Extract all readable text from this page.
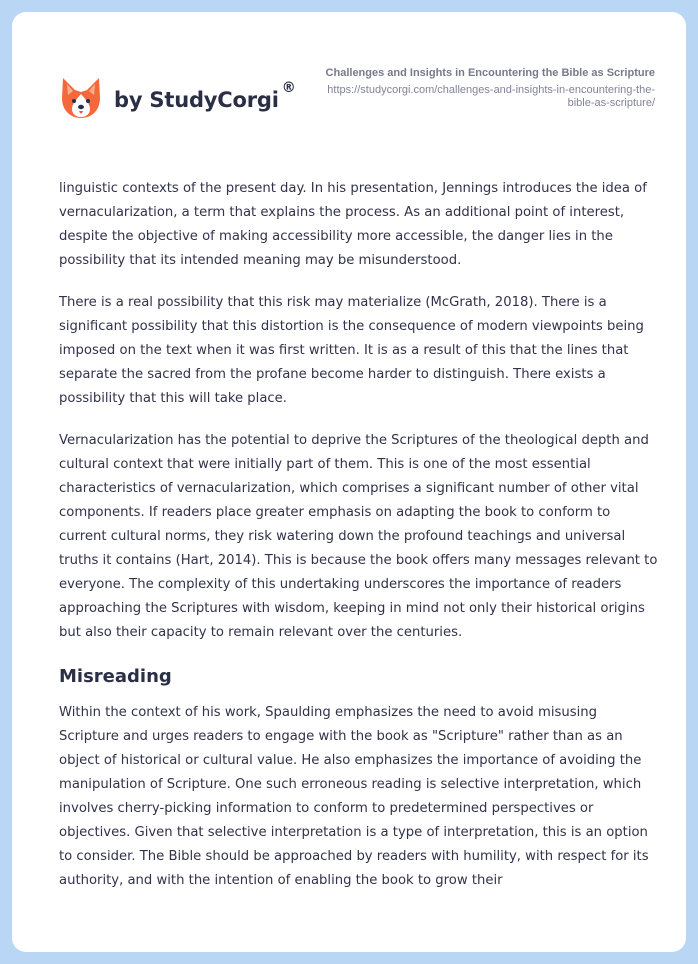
by StudyCorgi ®
Challenges and Insights in Encountering the Bible as Scripture
https://studycorgi.com/challenges-and-insights-in-encountering-the-bible-as-scripture/

linguistic contexts of the present day. In his presentation, Jennings introduces the idea of vernacularization, a term that explains the process. As an additional point of interest, despite the objective of making accessibility more accessible, the danger lies in the possibility that its intended meaning may be misunderstood.

There is a real possibility that this risk may materialize (McGrath, 2018). There is a significant possibility that this distortion is the consequence of modern viewpoints being imposed on the text when it was first written. It is as a result of this that the lines that separate the sacred from the profane become harder to distinguish. There exists a possibility that this will take place.

Vernacularization has the potential to deprive the Scriptures of the theological depth and cultural context that were initially part of them. This is one of the most essential characteristics of vernacularization, which comprises a significant number of other vital components. If readers place greater emphasis on adapting the book to conform to current cultural norms, they risk watering down the profound teachings and universal truths it contains (Hart, 2014). This is because the book offers many messages relevant to everyone. The complexity of this undertaking underscores the importance of readers approaching the Scriptures with wisdom, keeping in mind not only their historical origins but also their capacity to remain relevant over the centuries.

Misreading

Within the context of his work, Spaulding emphasizes the need to avoid misusing Scripture and urges readers to engage with the book as "Scripture" rather than as an object of historical or cultural value. He also emphasizes the importance of avoiding the manipulation of Scripture. One such erroneous reading is selective interpretation, which involves cherry-picking information to conform to predetermined perspectives or objectives. Given that selective interpretation is a type of interpretation, this is an option to consider. The Bible should be approached by readers with humility, with respect for its authority, and with the intention of enabling the book to grow their
